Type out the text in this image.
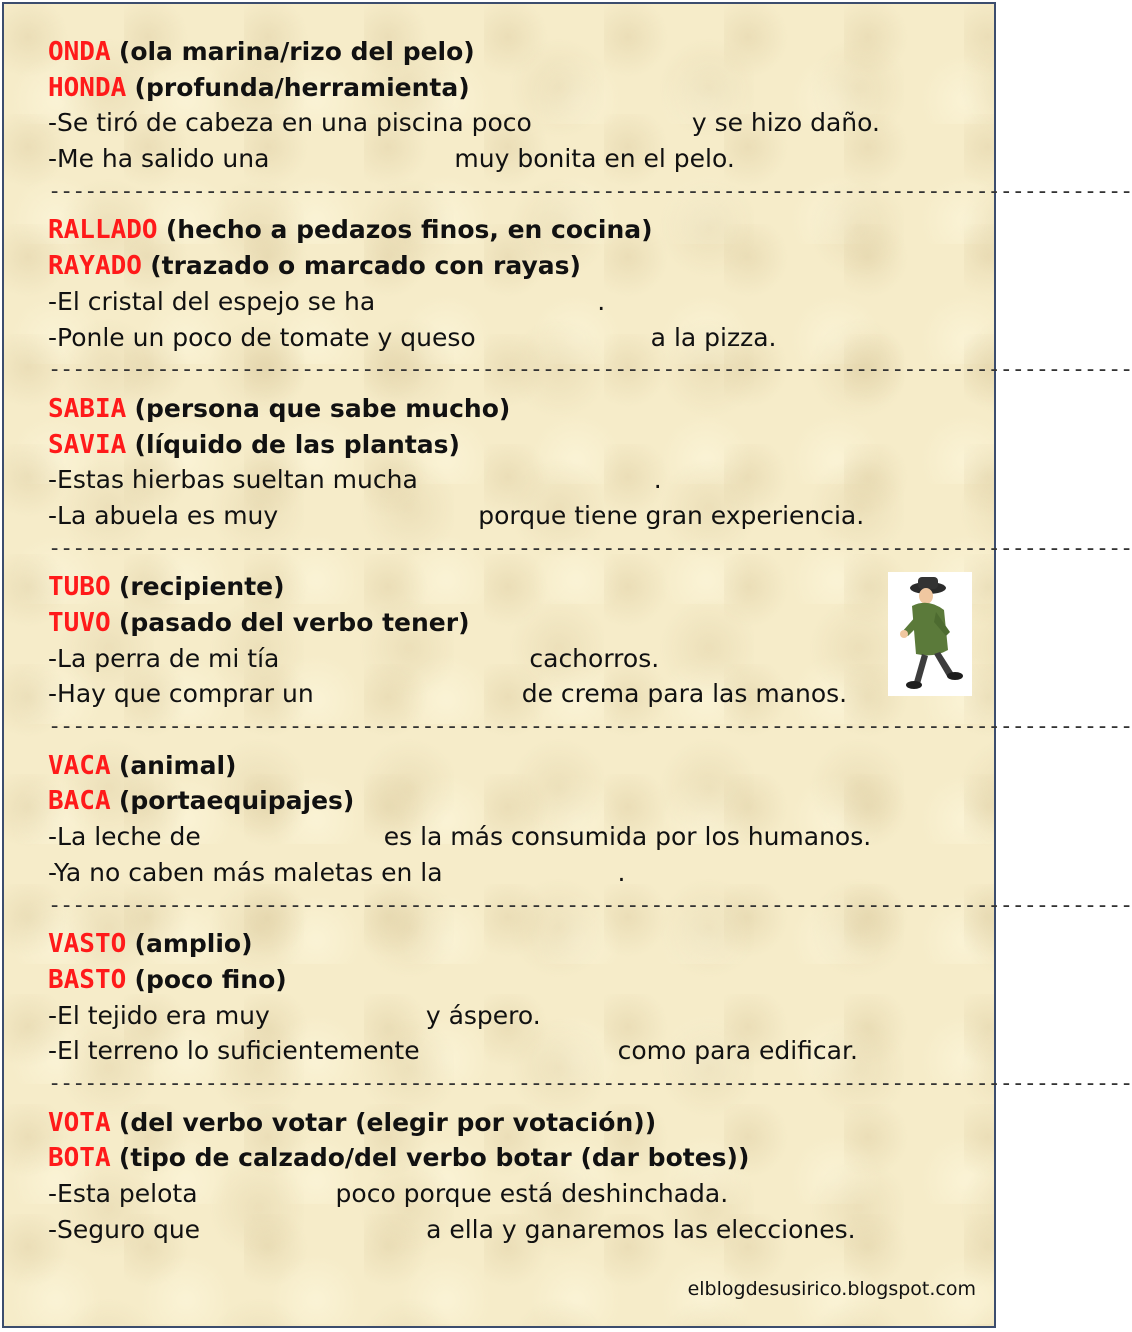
ONDA (ola marina/rizo del pelo)
HONDA (profunda/herramienta)
-Se tiró de cabeza en una piscina poco	y se hizo daño.
-Me ha salido una	muy bonita en el pelo.
------------------------------------------------------------------------------------------
RALLADO (hecho a pedazos finos, en cocina)
RAYADO (trazado o marcado con rayas)
-El cristal del espejo se ha	.
-Ponle un poco de tomate y queso	a la pizza.
------------------------------------------------------------------------------------------
SABIA (persona que sabe mucho)
SAVIA (líquido de las plantas)
-Estas hierbas sueltan mucha	.
-La abuela es muy	porque tiene gran experiencia.
------------------------------------------------------------------------------------------
TUBO (recipiente)
TUVO (pasado del verbo tener)
-La perra de mi tía	cachorros.
-Hay que comprar un	de crema para las manos.
------------------------------------------------------------------------------------------
VACA (animal)
BACA (portaequipajes)
-La leche de	es la más consumida por los humanos.
-Ya no caben más maletas en la	.
------------------------------------------------------------------------------------------
VASTO (amplio)
BASTO (poco fino)
-El tejido era muy	y áspero.
-El terreno lo suficientemente	como para edificar.
------------------------------------------------------------------------------------------
VOTA (del verbo votar (elegir por votación))
BOTA (tipo de calzado/del verbo botar (dar botes))
-Esta pelota	poco porque está deshinchada.
-Seguro que	a ella y ganaremos las elecciones.
elblogdesusirico.blogspot.com
